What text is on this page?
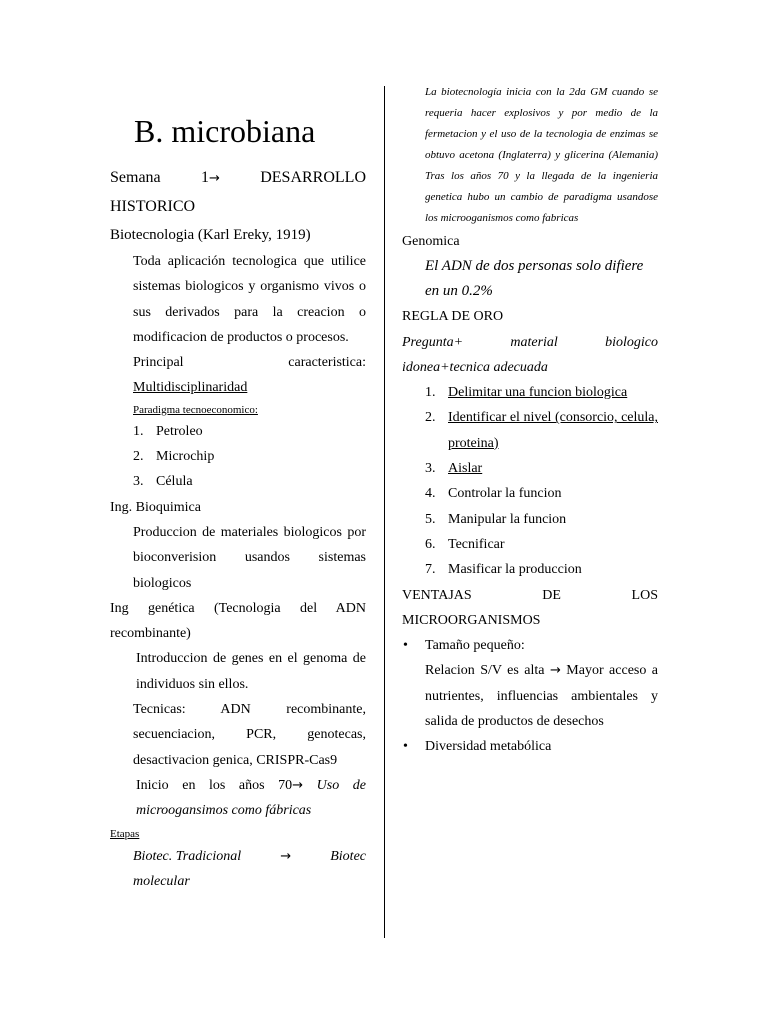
B. microbiana
Semana	1→	DESARROLLO
HISTORICO
Biotecnologia (Karl Ereky, 1919)
Toda aplicación tecnologica que utilice sistemas biologicos y organismo vivos o sus derivados para la creacion o modificacion de productos o procesos.
Principal	caracteristica:
Multidisciplinaridad
Paradigma tecnoeconomico:
1. Petroleo
2. Microchip
3. Célula
Ing. Bioquimica
Produccion de materiales biologicos por bioconverision usandos sistemas biologicos
Ing genética (Tecnologia del ADN recombinante)
Introduccion de genes en el genoma de individuos sin ellos.
Tecnicas: ADN recombinante, secuenciacion, PCR, genotecas, desactivacion genica, CRISPR-Cas9
Inicio en los años 70→ Uso de microogansimos como fábricas
Etapas
Biotec. Tradicional	→	Biotec
molecular
La biotecnología inicia con la 2da GM cuando se requeria hacer explosivos y por medio de la fermetacion y el uso de la tecnologia de enzimas se obtuvo acetona (Inglaterra) y glicerina (Alemania) Tras los años 70 y la llegada de la ingenieria genetica hubo un cambio de paradigma usandose los microoganismos como fabricas
Genomica
El ADN de dos personas solo difiere en un 0.2%
REGLA DE ORO
Pregunta+ material biologico idonea+tecnica adecuada
1. Delimitar una funcion biologica
2. Identificar el nivel (consorcio, celula, proteina)
3. Aislar
4. Controlar la funcion
5. Manipular la funcion
6. Tecnificar
7. Masificar la produccion
VENTAJAS DE LOS MICROORGANISMOS
• Tamaño pequeño:
Relacion S/V es alta → Mayor acceso a nutrientes, influencias ambientales y salida de productos de desechos
• Diversidad metabólica
